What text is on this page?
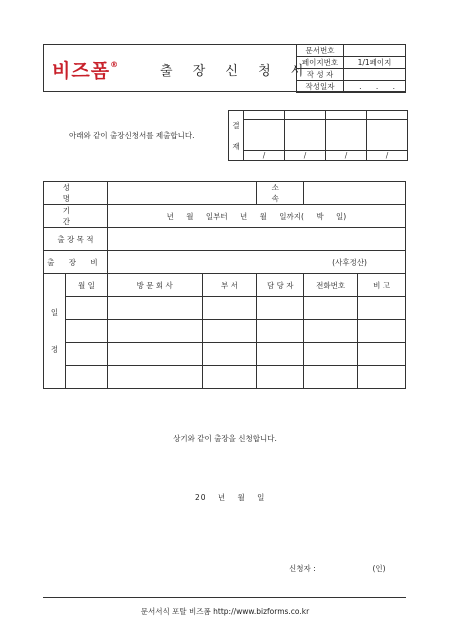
비즈폼®	출 장 신 청 서
문서번호	
페이지번호	1/1페이지
작 성 자	
작성일자	. . .
아래와 같이 출장신청서를 제출합니다.
결
재				

	/	/	/	/
성 명				소 속		
기 간		년 월 일부터 년 월 일까지( 박 일)				
출 장 목 적						
출 장 비		(사후정산)				

일
정	월 일	방 문 회 사	부 서	담 당 자	전화번호	비 고

상기와 같이 출장을 신청합니다.
20 년 월 일
신청자 :	(인)
문서서식 포탈 비즈폼 http://www.bizforms.co.kr
